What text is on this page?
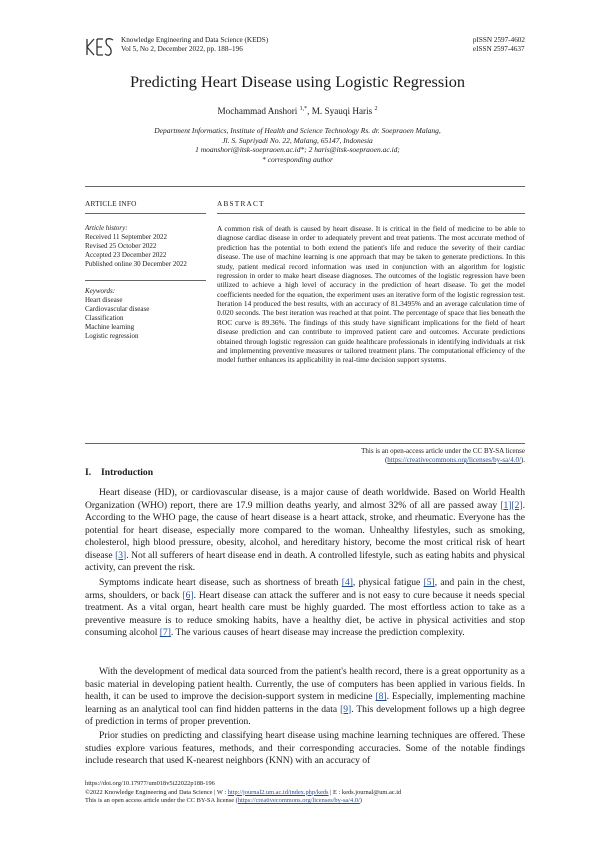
Knowledge Engineering and Data Science (KEDS)
Vol 5, No 2, December 2022, pp. 188–196
pISSN 2597-4602
eISSN 2597-4637
Predicting Heart Disease using Logistic Regression
Mochammad Anshori $^{1,*}$, M. Syauqi Haris $^2$
Department Informatics, Institute of Health and Science Technology Rs. dr. Soepraoen Malang,
Jl. S. Supriyadi No. 22, Malang, 65147, Indonesia
1 moanshori@itsk-soepraoen.ac.id*; 2 haris@itsk-soepraoen.ac.id;
* corresponding author
ARTICLE INFO	ABSTRACT
Article history:
Received 11 September 2022
Revised 25 October 2022
Accepted 23 December 2022
Published online 30 December 2022
Keywords:
Heart disease
Cardiovascular disease
Classification
Machine learning
Logistic regression
A common risk of death is caused by heart disease. It is critical in the field of medicine to be able to diagnose cardiac disease in order to adequately prevent and treat patients. The most accurate method of prediction has the potential to both extend the patient's life and reduce the severity of their cardiac disease. The use of machine learning is one approach that may be taken to generate predictions. In this study, patient medical record information was used in conjunction with an algorithm for logistic regression in order to make heart disease diagnoses. The outcomes of the logistic regression have been utilized to achieve a high level of accuracy in the prediction of heart disease. To get the model coefficients needed for the equation, the experiment uses an iterative form of the logistic regression test. Iteration 14 produced the best results, with an accuracy of 81.3495% and an average calculation time of 0.020 seconds. The best iteration was reached at that point. The percentage of space that lies beneath the ROC curve is 89.36%. The findings of this study have significant implications for the field of heart disease prediction and can contribute to improved patient care and outcomes. Accurate predictions obtained through logistic regression can guide healthcare professionals in identifying individuals at risk and implementing preventive measures or tailored treatment plans. The computational efficiency of the model further enhances its applicability in real-time decision support systems.
This is an open-access article under the CC BY-SA license
(https://creativecommons.org/licenses/by-sa/4.0/).
I. Introduction

Heart disease (HD), or cardiovascular disease, is a major cause of death worldwide. Based on World Health Organization (WHO) report, there are 17.9 million deaths yearly, and almost 32% of all are passed away [1][2]. According to the WHO page, the cause of heart disease is a heart attack, stroke, and rheumatic. Everyone has the potential for heart disease, especially more compared to the woman. Unhealthy lifestyles, such as smoking, cholesterol, high blood pressure, obesity, alcohol, and hereditary history, become the most critical risk of heart disease [3]. Not all sufferers of heart disease end in death. A controlled lifestyle, such as eating habits and physical activity, can prevent the risk.

Symptoms indicate heart disease, such as shortness of breath [4], physical fatigue [5], and pain in the chest, arms, shoulders, or back [6]. Heart disease can attack the sufferer and is not easy to cure because it needs special treatment. As a vital organ, heart health care must be highly guarded. The most effortless action to take as a preventive measure is to reduce smoking habits, have a healthy diet, be active in physical activities and stop consuming alcohol [7]. The various causes of heart disease may increase the prediction complexity.

With the development of medical data sourced from the patient's health record, there is a great opportunity as a basic material in developing patient health. Currently, the use of computers has been applied in various fields. In health, it can be used to improve the decision-support system in medicine [8]. Especially, implementing machine learning as an analytical tool can find hidden patterns in the data [9]. This development follows up a high degree of prediction in terms of proper prevention.

Prior studies on predicting and classifying heart disease using machine learning techniques are offered. These studies explore various features, methods, and their corresponding accuracies. Some of the notable findings include research that used K-nearest neighbors (KNN) with an accuracy of

https://doi.org/10.17977/um018v5i22022p188-196
©2022 Knowledge Engineering and Data Science | W : http://journal2.um.ac.id/index.php/keds | E : keds.journal@um.ac.id
This is an open access article under the CC BY-SA license (https://creativecommons.org/licenses/by-sa/4.0/)
